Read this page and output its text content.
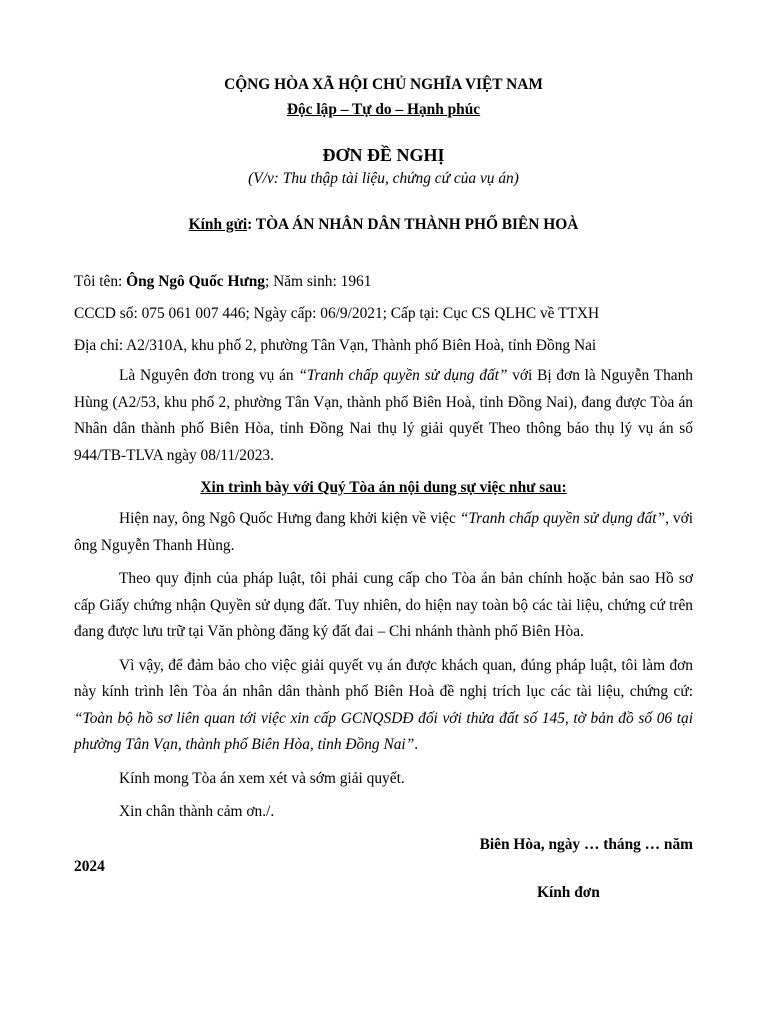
CỘNG HÒA XÃ HỘI CHỦ NGHĨA VIỆT NAM

Độc lập – Tự do – Hạnh phúc

ĐƠN ĐỀ NGHỊ

(V/v: Thu thập tài liệu, chứng cứ của vụ án)

Kính gửi: TÒA ÁN NHÂN DÂN THÀNH PHỐ BIÊN HOÀ

Tôi tên: Ông Ngô Quốc Hưng; Năm sinh: 1961

CCCD số: 075 061 007 446; Ngày cấp: 06/9/2021; Cấp tại: Cục CS QLHC về TTXH

Địa chỉ: A2/310A, khu phố 2, phường Tân Vạn, Thành phố Biên Hoà, tỉnh Đồng Nai

Là Nguyên đơn trong vụ án “Tranh chấp quyền sử dụng đất” với Bị đơn là Nguyễn Thanh Hùng (A2/53, khu phố 2, phường Tân Vạn, thành phố Biên Hoà, tỉnh Đồng Nai), đang được Tòa án Nhân dân thành phố Biên Hòa, tỉnh Đồng Nai thụ lý giải quyết Theo thông báo thụ lý vụ án số 944/TB-TLVA ngày 08/11/2023.

Xin trình bày với Quý Tòa án nội dung sự việc như sau:

Hiện nay, ông Ngô Quốc Hưng đang khởi kiện về việc “Tranh chấp quyền sử dụng đất”, với ông Nguyễn Thanh Hùng.

Theo quy định của pháp luật, tôi phải cung cấp cho Tòa án bản chính hoặc bản sao Hồ sơ cấp Giấy chứng nhận Quyền sử dụng đất. Tuy nhiên, do hiện nay toàn bộ các tài liệu, chứng cứ trên đang được lưu trữ tại Văn phòng đăng ký đất đai – Chi nhánh thành phố Biên Hòa.

Vì vậy, để đảm bảo cho việc giải quyết vụ án được khách quan, đúng pháp luật, tôi làm đơn này kính trình lên Tòa án nhân dân thành phố Biên Hoà đề nghị trích lục các tài liệu, chứng cứ: “Toàn bộ hồ sơ liên quan tới việc xin cấp GCNQSDĐ đối với thửa đất số 145, tờ bản đồ số 06 tại phường Tân Vạn, thành phố Biên Hòa, tỉnh Đồng Nai”.

Kính mong Tòa án xem xét và sớm giải quyết.

Xin chân thành cảm ơn./.

Biên Hòa, ngày … tháng … năm

2024

Kính đơn
